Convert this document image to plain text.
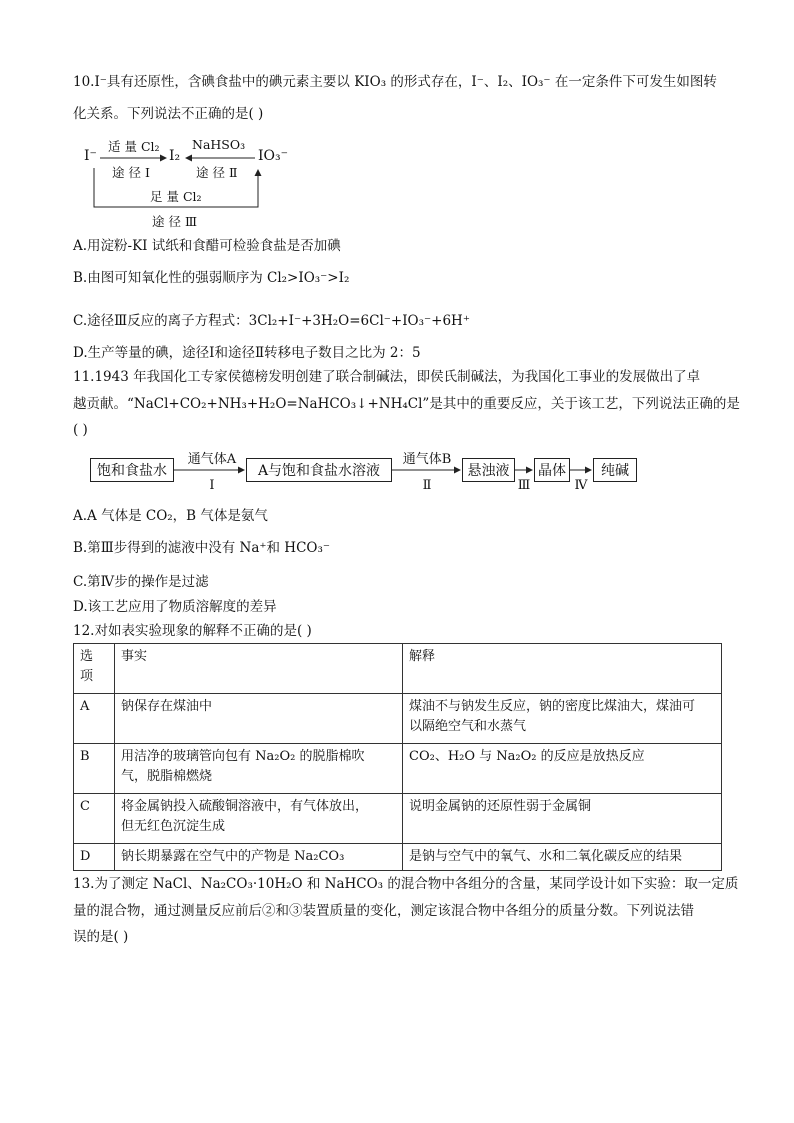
10.I⁻具有还原性，含碘食盐中的碘元素主要以 KIO₃ 的形式存在，I⁻、I₂、IO₃⁻ 在一定条件下可发生如图转
化关系。下列说法不正确的是( )
I⁻	I₂	IO₃⁻
适 量 Cl₂
途 径 Ⅰ
NaHSO₃
途 径 Ⅱ
足 量 Cl₂
途 径 Ⅲ
A.用淀粉-KI 试纸和食醋可检验食盐是否加碘
B.由图可知氧化性的强弱顺序为 Cl₂>IO₃⁻>I₂
C.途径Ⅲ反应的离子方程式：3Cl₂+I⁻+3H₂O=6Cl⁻+IO₃⁻+6H⁺
D.生产等量的碘，途径Ⅰ和途径Ⅱ转移电子数目之比为 2：5
11.1943 年我国化工专家侯德榜发明创建了联合制碱法，即侯氏制碱法，为我国化工事业的发展做出了卓
越贡献。“NaCl+CO₂+NH₃+H₂O=NaHCO₃↓+NH₄Cl”是其中的重要反应，关于该工艺，下列说法正确的是
( )
饱和食盐水
通气体A
Ⅰ
A与饱和食盐水溶液
通气体B
Ⅱ
悬浊液
Ⅲ
晶体
Ⅳ
纯碱
A.A 气体是 CO₂，B 气体是氨气
B.第Ⅲ步得到的滤液中没有 Na⁺和 HCO₃⁻
C.第Ⅳ步的操作是过滤
D.该工艺应用了物质溶解度的差异
12.对如表实验现象的解释不正确的是( )
选
项	事实	解释
A	钠保存在煤油中	煤油不与钠发生反应，钠的密度比煤油大，煤油可
以隔绝空气和水蒸气

B	用洁净的玻璃管向包有 Na₂O₂ 的脱脂棉吹
气，脱脂棉燃烧	CO₂、H₂O 与 Na₂O₂ 的反应是放热反应

C	将金属钠投入硫酸铜溶液中，有气体放出，
但无红色沉淀生成	说明金属钠的还原性弱于金属铜

D	钠长期暴露在空气中的产物是 Na₂CO₃	是钠与空气中的氧气、水和二氧化碳反应的结果
13.为了测定 NaCl、Na₂CO₃·10H₂O 和 NaHCO₃ 的混合物中各组分的含量，某同学设计如下实验：取一定质
量的混合物，通过测量反应前后②和③装置质量的变化，测定该混合物中各组分的质量分数。下列说法错
误的是( )
